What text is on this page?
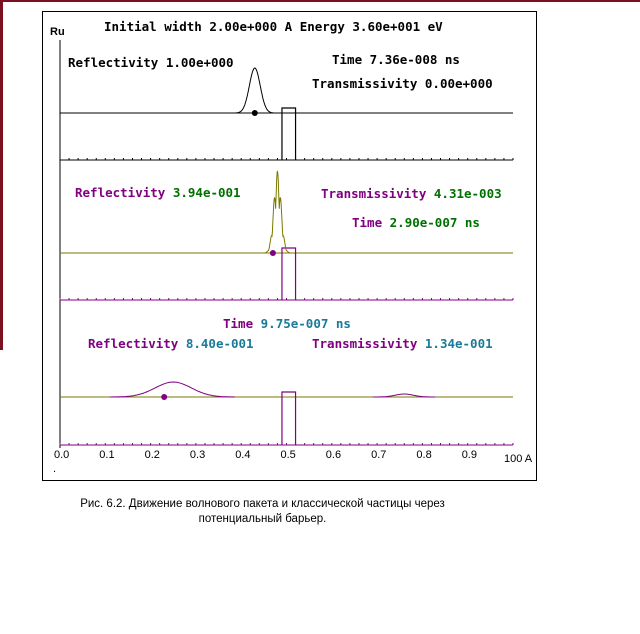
Ru	Initial width 2.00e+000 A Energy 3.60e+001 eV
Reflectivity 1.00e+000	Time 7.36e-008 ns
Transmissivity 0.00e+000
Reflectivity 3.94e-001	Transmissivity 4.31e-003
Time 2.90e-007 ns
Time 9.75e-007 ns
Reflectivity 8.40e-001	Transmissivity 1.34e-001
0.0	0.1	0.2	0.3	0.4	0.5	0.6	0.7	0.8	0.9 100 A
.
Рис. 6.2. Движение волнового пакета и классической частицы через
потенциальный барьер.
